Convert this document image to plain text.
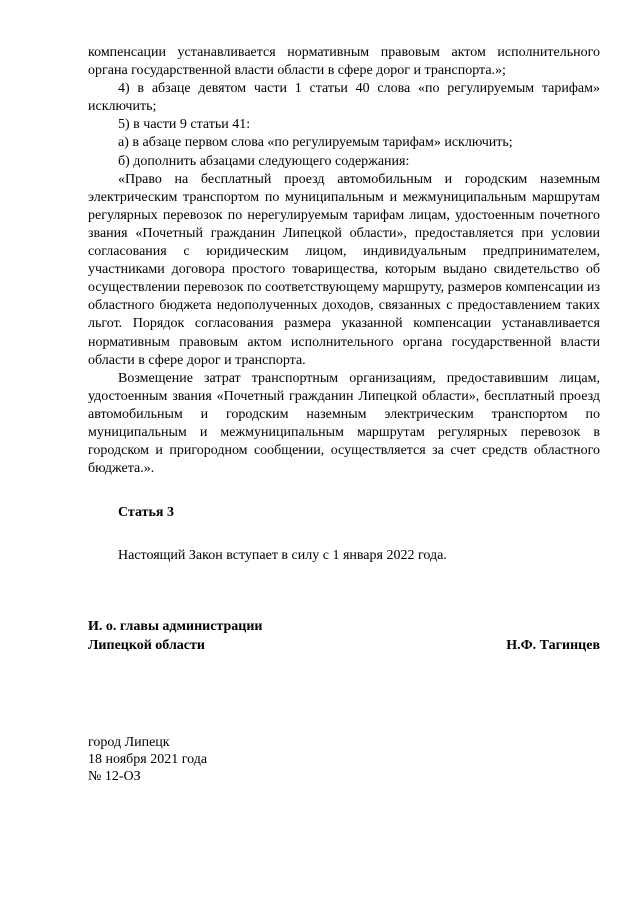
компенсации устанавливается нормативным правовым актом исполнительного органа государственной власти области в сфере дорог и транспорта.»;

4) в абзаце девятом части 1 статьи 40 слова «по регулируемым тарифам» исключить;

5) в части 9 статьи 41:

а) в абзаце первом слова «по регулируемым тарифам» исключить;

б) дополнить абзацами следующего содержания:

«Право на бесплатный проезд автомобильным и городским наземным электрическим транспортом по муниципальным и межмуниципальным маршрутам регулярных перевозок по нерегулируемым тарифам лицам, удостоенным почетного звания «Почетный гражданин Липецкой области», предоставляется при условии согласования с юридическим лицом, индивидуальным предпринимателем, участниками договора простого товарищества, которым выдано свидетельство об осуществлении перевозок по соответствующему маршруту, размеров компенсации из областного бюджета недополученных доходов, связанных с предоставлением таких льгот. Порядок согласования размера указанной компенсации устанавливается нормативным правовым актом исполнительного органа государственной власти области в сфере дорог и транспорта.

Возмещение затрат транспортным организациям, предоставившим лицам, удостоенным звания «Почетный гражданин Липецкой области», бесплатный проезд автомобильным и городским наземным электрическим транспортом по муниципальным и межмуниципальным маршрутам регулярных перевозок в городском и пригородном сообщении, осуществляется за счет средств областного бюджета.».

Статья 3

Настоящий Закон вступает в силу с 1 января 2022 года.

И. о. главы администрации
Липецкой области	Н.Ф. Тагинцев
город Липецк
18 ноября 2021 года
№ 12-ОЗ
